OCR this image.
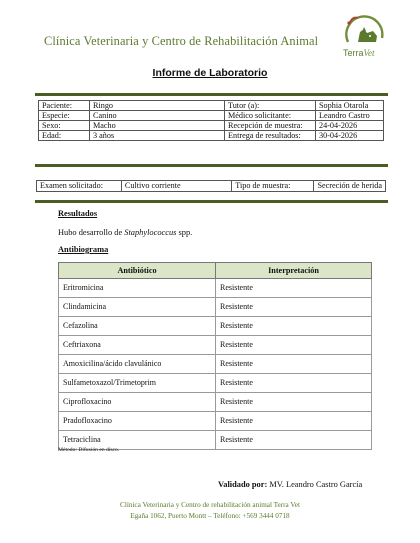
Clínica Veterinaria y Centro de Rehabilitación Animal
TerraVet
Informe de Laboratorio
Paciente:	Ringo	Tutor (a):	Sophia Otarola
Especie:	Canino	Médico solicitante:	Leandro Castro
Sexo:	Macho	Recepción de muestra:	24-04-2026
Edad:	3 años	Entrega de resultados:	30-04-2026
Examen solicitado:	Cultivo corriente	Tipo de muestra:	Secreción de herida
Resultados
Hubo desarrollo de Staphylococcus spp.
Antibiograma
Antibiótico	Interpretación
Eritromicina	Resistente
Clindamicina	Resistente
Cefazolina	Resistente
Ceftriaxona	Resistente
Amoxicilina/ácido clavulánico	Resistente
Sulfametoxazol/Trimetoprim	Resistente
Ciprofloxacino	Resistente
Pradofloxacino	Resistente
Tetraciclina	Resistente
Método: Difusión en disco.
Validado por: MV. Leandro Castro García
Clínica Veterinaria y Centro de rehabilitación animal Terra Vet
Egaña 1062, Puerto Montt – Teléfono: +569 3444 0718
